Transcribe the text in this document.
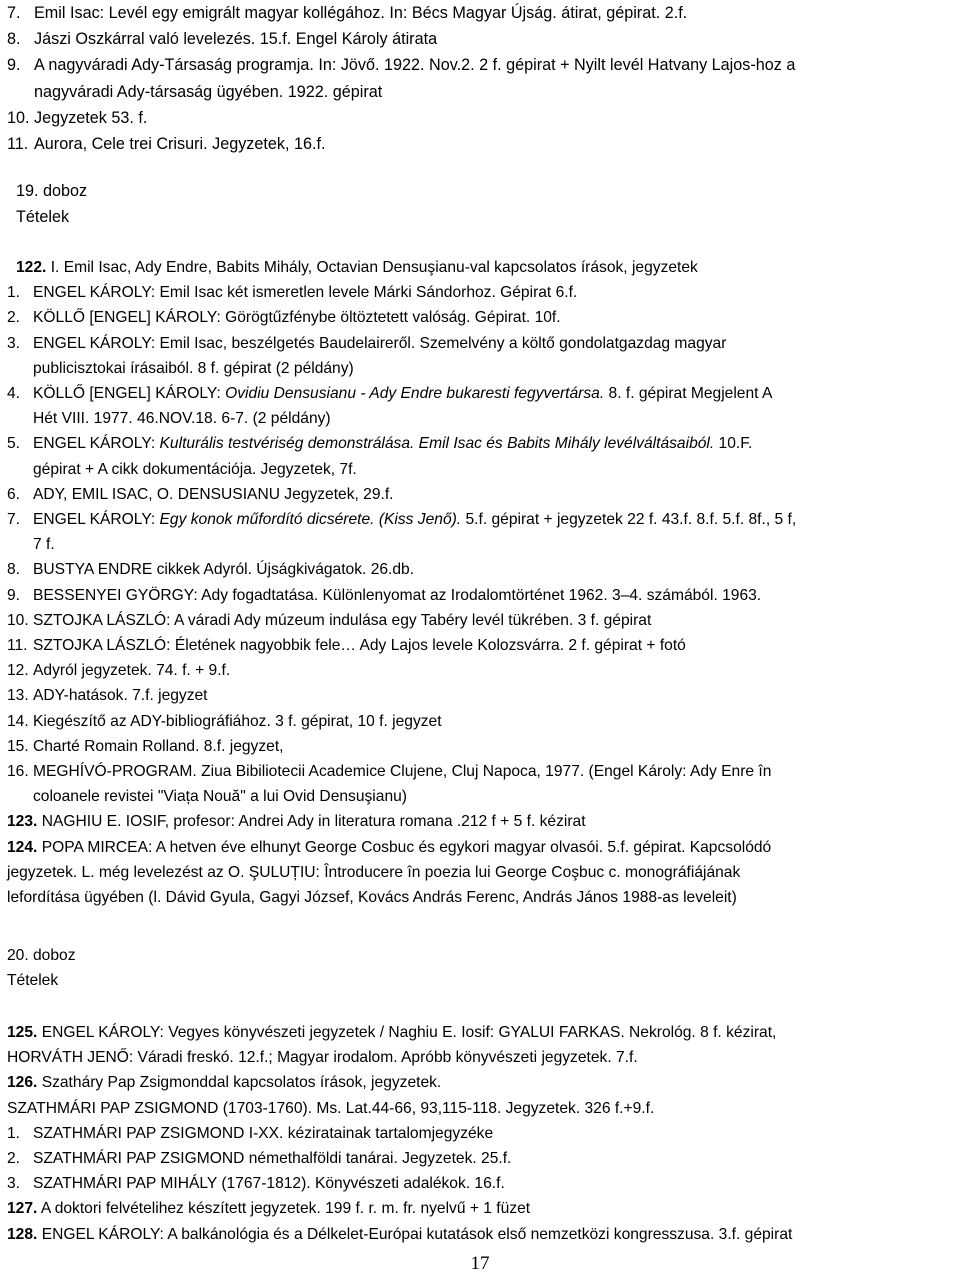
7. Emil Isac: Levél egy emigrált magyar kollégához. In: Bécs Magyar Újság. átirat, gépirat. 2.f.
8. Jászi Oszkárral való levelezés. 15.f. Engel Károly átirata
9. A nagyváradi Ady-Társaság programja. In: Jövő. 1922. Nov.2. 2 f. gépirat + Nyilt levél Hatvany Lajos-hoz a
nagyváradi Ady-társaság ügyében. 1922. gépirat
10. Jegyzetek 53. f.
11. Aurora, Cele trei Crisuri. Jegyzetek, 16.f.
19. doboz
Tételek
122. I. Emil Isac, Ady Endre, Babits Mihály, Octavian Densuşianu-val kapcsolatos írások, jegyzetek
1. ENGEL KÁROLY: Emil Isac két ismeretlen levele Márki Sándorhoz. Gépirat 6.f.
2. KÖLLŐ [ENGEL] KÁROLY: Görögtűzfénybe öltöztetett valóság. Gépirat. 10f.
3. ENGEL KÁROLY: Emil Isac, beszélgetés Baudelaireről. Szemelvény a költő gondolatgazdag magyar
publicisztokai írásaiból. 8 f. gépirat (2 példány)
4. KÖLLŐ [ENGEL] KÁROLY: Ovidiu Densusianu - Ady Endre bukaresti fegyvertársa. 8. f. gépirat Megjelent A
Hét VIII. 1977. 46.NOV.18. 6-7. (2 példány)
5. ENGEL KÁROLY: Kulturális testvériség demonstrálása. Emil Isac és Babits Mihály levélváltásaiból. 10.F.
gépirat + A cikk dokumentációja. Jegyzetek, 7f.
6. ADY, EMIL ISAC, O. DENSUSIANU Jegyzetek, 29.f.
7. ENGEL KÁROLY: Egy konok műfordító dicsérete. (Kiss Jenő). 5.f. gépirat + jegyzetek 22 f. 43.f. 8.f. 5.f. 8f., 5 f,
7 f.
8. BUSTYA ENDRE cikkek Adyról. Újságkivágatok. 26.db.
9. BESSENYEI GYÖRGY: Ady fogadtatása. Különlenyomat az Irodalomtörténet 1962. 3–4. számából. 1963.
10. SZTOJKA LÁSZLÓ: A váradi Ady múzeum indulása egy Tabéry levél tükrében. 3 f. gépirat
11. SZTOJKA LÁSZLÓ: Életének nagyobbik fele… Ady Lajos levele Kolozsvárra. 2 f. gépirat + fotó
12. Adyról jegyzetek. 74. f. + 9.f.
13. ADY-hatások. 7.f. jegyzet
14. Kiegészítő az ADY-bibliográfiához. 3 f. gépirat, 10 f. jegyzet
15. Charté Romain Rolland. 8.f. jegyzet,
16. MEGHÍVÓ-PROGRAM. Ziua Bibiliotecii Academice Clujene, Cluj Napoca, 1977. (Engel Károly: Ady Enre în
coloanele revistei "Viața Nouă" a lui Ovid Densuşianu)
123. NAGHIU E. IOSIF, profesor: Andrei Ady in literatura romana .212 f + 5 f. kézirat
124. POPA MIRCEA: A hetven éve elhunyt George Cosbuc és egykori magyar olvasói. 5.f. gépirat. Kapcsolódó
jegyzetek. L. még levelezést az O. ŞULUȚIU: Întroducere în poezia lui George Coşbuc c. monográfiájának
lefordítása ügyében (l. Dávid Gyula, Gagyi József, Kovács András Ferenc, András János 1988-as leveleit)
20. doboz
Tételek
125. ENGEL KÁROLY: Vegyes könyvészeti jegyzetek / Naghiu E. Iosif: GYALUI FARKAS. Nekrológ. 8 f. kézirat,
HORVÁTH JENŐ: Váradi freskó. 12.f.; Magyar irodalom. Apróbb könyvészeti jegyzetek. 7.f.
126. Szatháry Pap Zsigmonddal kapcsolatos írások, jegyzetek.
SZATHMÁRI PAP ZSIGMOND (1703-1760). Ms. Lat.44-66, 93,115-118. Jegyzetek. 326 f.+9.f.
1. SZATHMÁRI PAP ZSIGMOND I-XX. kéziratainak tartalomjegyzéke
2. SZATHMÁRI PAP ZSIGMOND némethalföldi tanárai. Jegyzetek. 25.f.
3. SZATHMÁRI PAP MIHÁLY (1767-1812). Könyvészeti adalékok. 16.f.
127. A doktori felvételihez készített jegyzetek. 199 f. r. m. fr. nyelvű + 1 füzet
128. ENGEL KÁROLY: A balkánológia és a Délkelet-Európai kutatások első nemzetközi kongresszusa. 3.f. gépirat
17
